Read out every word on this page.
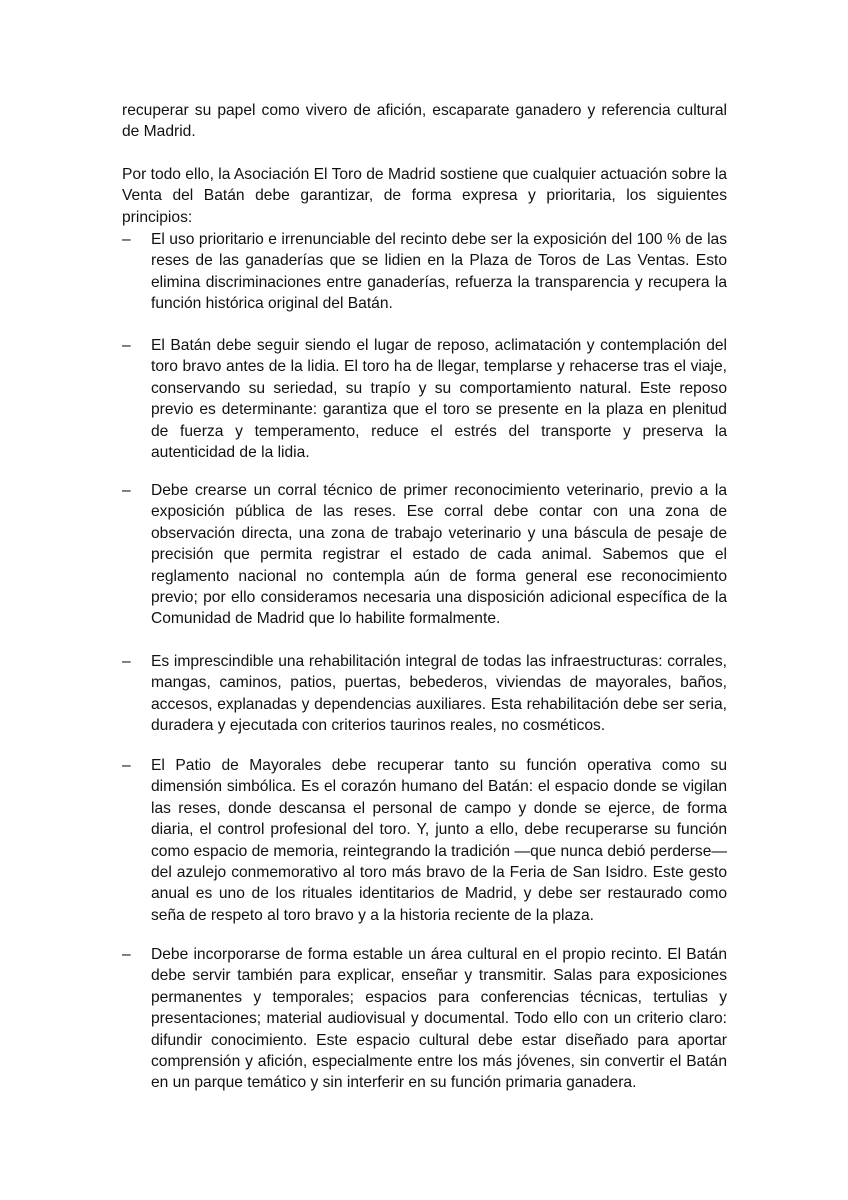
recuperar su papel como vivero de afición, escaparate ganadero y referencia cultural de Madrid.

Por todo ello, la Asociación El Toro de Madrid sostiene que cualquier actuación sobre la Venta del Batán debe garantizar, de forma expresa y prioritaria, los siguientes principios:

–	El uso prioritario e irrenunciable del recinto debe ser la exposición del 100 % de las reses de las ganaderías que se lidien en la Plaza de Toros de Las Ventas. Esto elimina discriminaciones entre ganaderías, refuerza la transparencia y recupera la función histórica original del Batán.

–	El Batán debe seguir siendo el lugar de reposo, aclimatación y contemplación del toro bravo antes de la lidia. El toro ha de llegar, templarse y rehacerse tras el viaje, conservando su seriedad, su trapío y su comportamiento natural. Este reposo previo es determinante: garantiza que el toro se presente en la plaza en plenitud de fuerza y temperamento, reduce el estrés del transporte y preserva la autenticidad de la lidia.

–	Debe crearse un corral técnico de primer reconocimiento veterinario, previo a la exposición pública de las reses. Ese corral debe contar con una zona de observación directa, una zona de trabajo veterinario y una báscula de pesaje de precisión que permita registrar el estado de cada animal. Sabemos que el reglamento nacional no contempla aún de forma general ese reconocimiento previo; por ello consideramos necesaria una disposición adicional específica de la Comunidad de Madrid que lo habilite formalmente.

–	Es imprescindible una rehabilitación integral de todas las infraestructuras: corrales, mangas, caminos, patios, puertas, bebederos, viviendas de mayorales, baños, accesos, explanadas y dependencias auxiliares. Esta rehabilitación debe ser seria, duradera y ejecutada con criterios taurinos reales, no cosméticos.

–	El Patio de Mayorales debe recuperar tanto su función operativa como su dimensión simbólica. Es el corazón humano del Batán: el espacio donde se vigilan las reses, donde descansa el personal de campo y donde se ejerce, de forma diaria, el control profesional del toro. Y, junto a ello, debe recuperarse su función como espacio de memoria, reintegrando la tradición —que nunca debió perderse— del azulejo conmemorativo al toro más bravo de la Feria de San Isidro. Este gesto anual es uno de los rituales identitarios de Madrid, y debe ser restaurado como seña de respeto al toro bravo y a la historia reciente de la plaza.

–	Debe incorporarse de forma estable un área cultural en el propio recinto. El Batán debe servir también para explicar, enseñar y transmitir. Salas para exposiciones permanentes y temporales; espacios para conferencias técnicas, tertulias y presentaciones; material audiovisual y documental. Todo ello con un criterio claro: difundir conocimiento. Este espacio cultural debe estar diseñado para aportar comprensión y afición, especialmente entre los más jóvenes, sin convertir el Batán en un parque temático y sin interferir en su función primaria ganadera.
